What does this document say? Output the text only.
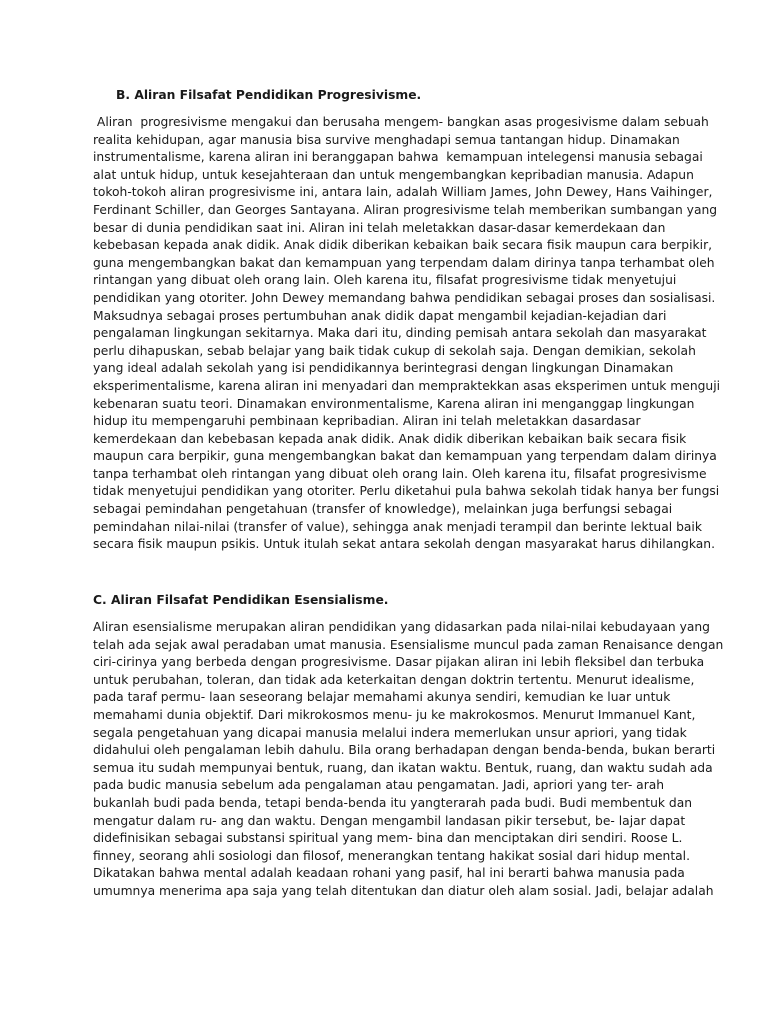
B. Aliran Filsafat Pendidikan Progresivisme.
Aliran  progresivisme mengakui dan berusaha mengem- bangkan asas progesivisme dalam sebuah
realita kehidupan, agar manusia bisa survive menghadapi semua tantangan hidup. Dinamakan
instrumentalisme, karena aliran ini beranggapan bahwa  kemampuan intelegensi manusia sebagai
alat untuk hidup, untuk kesejahteraan dan untuk mengembangkan kepribadian manusia. Adapun
tokoh-tokoh aliran progresivisme ini, antara lain, adalah William James, John Dewey, Hans Vaihinger,
Ferdinant Schiller, dan Georges Santayana. Aliran progresivisme telah memberikan sumbangan yang
besar di dunia pendidikan saat ini. Aliran ini telah meletakkan dasar-dasar kemerdekaan dan
kebebasan kepada anak didik. Anak didik diberikan kebaikan baik secara fisik maupun cara berpikir,
guna mengembangkan bakat dan kemampuan yang terpendam dalam dirinya tanpa terhambat oleh
rintangan yang dibuat oleh orang lain. Oleh karena itu, filsafat progresivisme tidak menyetujui
pendidikan yang otoriter. John Dewey memandang bahwa pendidikan sebagai proses dan sosialisasi.
Maksudnya sebagai proses pertumbuhan anak didik dapat mengambil kejadian-kejadian dari
pengalaman lingkungan sekitarnya. Maka dari itu, dinding pemisah antara sekolah dan masyarakat
perlu dihapuskan, sebab belajar yang baik tidak cukup di sekolah saja. Dengan demikian, sekolah
yang ideal adalah sekolah yang isi pendidikannya berintegrasi dengan lingkungan Dinamakan
eksperimentalisme, karena aliran ini menyadari dan mempraktekkan asas eksperimen untuk menguji
kebenaran suatu teori. Dinamakan environmentalisme, Karena aliran ini menganggap lingkungan
hidup itu mempengaruhi pembinaan kepribadian. Aliran ini telah meletakkan dasardasar
kemerdekaan dan kebebasan kepada anak didik. Anak didik diberikan kebaikan baik secara fisik
maupun cara berpikir, guna mengembangkan bakat dan kemampuan yang terpendam dalam dirinya
tanpa terhambat oleh rintangan yang dibuat oleh orang lain. Oleh karena itu, filsafat progresivisme
tidak menyetujui pendidikan yang otoriter. Perlu diketahui pula bahwa sekolah tidak hanya ber fungsi
sebagai pemindahan pengetahuan (transfer of knowledge), melainkan juga berfungsi sebagai
pemindahan nilai-nilai (transfer of value), sehingga anak menjadi terampil dan berinte lektual baik
secara fisik maupun psikis. Untuk itulah sekat antara sekolah dengan masyarakat harus dihilangkan.
C. Aliran Filsafat Pendidikan Esensialisme.
Aliran esensialisme merupakan aliran pendidikan yang didasarkan pada nilai-nilai kebudayaan yang
telah ada sejak awal peradaban umat manusia. Esensialisme muncul pada zaman Renaisance dengan
ciri-cirinya yang berbeda dengan progresivisme. Dasar pijakan aliran ini lebih fleksibel dan terbuka
untuk perubahan, toleran, dan tidak ada keterkaitan dengan doktrin tertentu. Menurut idealisme,
pada taraf permu- laan seseorang belajar memahami akunya sendiri, kemudian ke luar untuk
memahami dunia objektif. Dari mikrokosmos menu- ju ke makrokosmos. Menurut Immanuel Kant,
segala pengetahuan yang dicapai manusia melalui indera memerlukan unsur apriori, yang tidak
didahului oleh pengalaman lebih dahulu. Bila orang berhadapan dengan benda-benda, bukan berarti
semua itu sudah mempunyai bentuk, ruang, dan ikatan waktu. Bentuk, ruang, dan waktu sudah ada
pada budic manusia sebelum ada pengalaman atau pengamatan. Jadi, apriori yang ter- arah
bukanlah budi pada benda, tetapi benda-benda itu yangterarah pada budi. Budi membentuk dan
mengatur dalam ru- ang dan waktu. Dengan mengambil landasan pikir tersebut, be- lajar dapat
didefinisikan sebagai substansi spiritual yang mem- bina dan menciptakan diri sendiri. Roose L.
finney, seorang ahli sosiologi dan filosof, menerangkan tentang hakikat sosial dari hidup mental.
Dikatakan bahwa mental adalah keadaan rohani yang pasif, hal ini berarti bahwa manusia pada
umumnya menerima apa saja yang telah ditentukan dan diatur oleh alam sosial. Jadi, belajar adalah
